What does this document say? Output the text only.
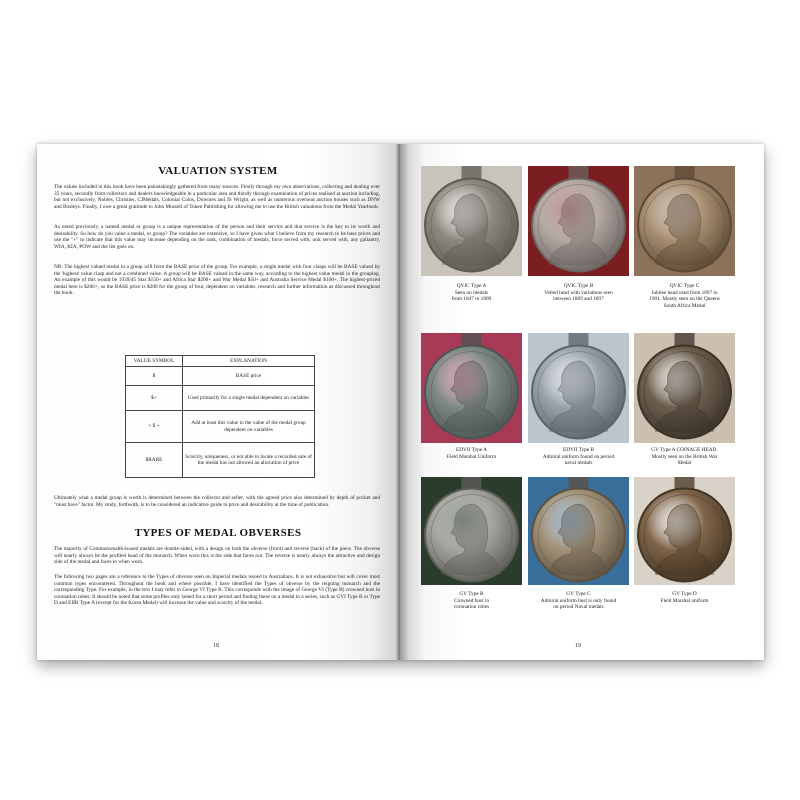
VALUATION SYSTEM

The values included in this book have been painstakingly gathered from many sources. Firstly through my own observations, collecting and dealing over 35 years, secondly from collectors and dealers knowledgeable in a particular area and thirdly through examination of prices realised at auction including, but not exclusively, Nobles, Christies, CJMedals, Colonial Coins, Downies and JS Wright, as well as numerous overseas auction houses such as DNW and Bosleys. Finally, I owe a great gratitude to John Mussell of Token Publishing for allowing me to use the British valuations from the Medal Yearbook.

As noted previously, a named medal or group is a unique representation of the person and their service and that service is the key to its worth and desirability. So how do you value a medal, or group? The variables are extensive, so I have given what I believe from my research to be base prices and use the "+" to indicate that this value may increase depending on the rank, combination of medals, force served with, unit served with, any gallantry, WIA, KIA, POW and the list goes on.

NB: The highest valued medal in a group will form the BASE price of the group. For example, a single medal with four clasps will be BASE valued by the 'highest' value clasp and not a combined value. A group will be BASE valued in the same way, according to the highest value medal in the grouping. An example of this would be 1939/45 Star $150+ and Africa Star $200+ and War Medal $50+ and Australia Service Medal $100+. The highest-priced medal here is $200+, so the BASE price is $200 for the group of four, dependent on variables, research and further information as discussed throughout the book.

VALUE SYMBOL	EXPLANATION
$	BASE price
$+	Used primarily for a single medal dependent on variables
+ $ +	Add at least this value to the value of the medal group dependent on variables
$RARE	Scarcity, uniqueness, or not able to locate a recorded sale of the medal has not allowed an allocation of price

Ultimately what a medal group is worth is determined between the collector and seller, with the agreed price also determined by depth of pocket and "must have" factor. My study, forthwith, is to be considered an indicative guide to price and desirability at the time of publication.

TYPES OF MEDAL OBVERSES

The majority of Commonwealth-issued medals are double-sided, with a design on both the obverse (front) and reverse (back) of the piece. The obverse will nearly always be the profiled head of the monarch. When worn this is the side that faces out. The reverse is nearly always the attractive and design side of the medal and faces in when worn.

The following two pages are a reference to the Types of obverse seen on Imperial medals issued to Australians. It is not exhaustive but will cover most common types encountered. Throughout the book and where possible, I have identified the Types of obverse by the reigning monarch and the corresponding Type. For example, in the text I may refer to George VI Type B. This corresponds with the image of George VI (Type B) crowned bust in coronation robes. It should be noted that some profiles only lasted for a short period and finding these on a medal in a series, such as GVI Type B or Type D and EIIR Type A (except for the Korea Medal) will increase the value and scarcity of the medal.

18
QVIC Type A
Seen on medals
from 1847 to 1869
QVIC Type B
Veiled head with variations seen
between 1869 and 1897
QVIC Type C
Jubilee head used from 1897 to
1901. Mostly seen on the Queens
South Africa Medal
EDVII Type A
Field Marshal Uniform
EDVII Type B
Admiral uniform found on period
naval medals
GV Type A COINAGE HEAD.
Mostly seen on the British War
Medal
GV Type B
Crowned bust in
coronation robes
GV Type C
Admiral uniform bust is only found
on period Naval medals
GV Type D
Field Marshal uniform
19
